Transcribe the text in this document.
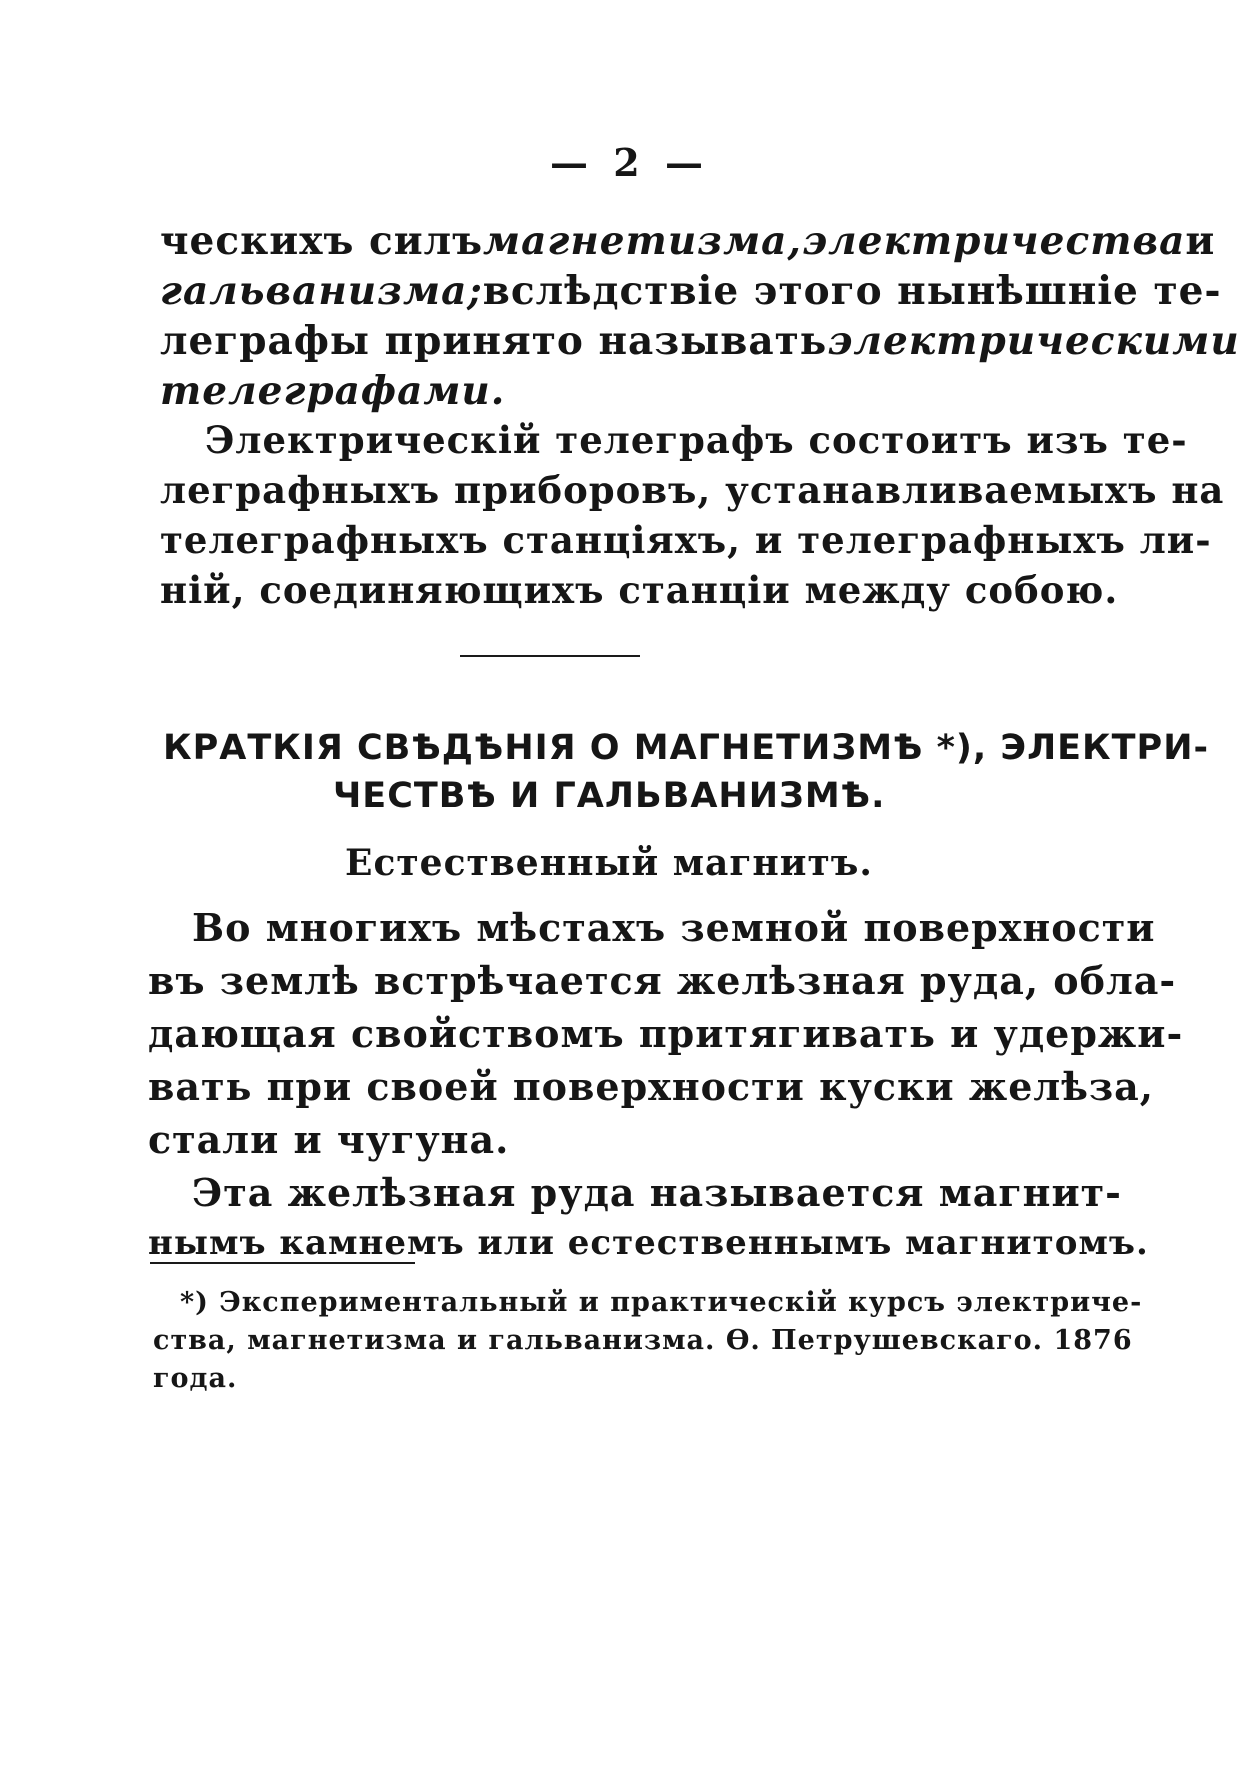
— 2 —
ческихъ силъ магнетизма, электричества и
гальванизма; вслѣдствіе этого нынѣшніе те-
леграфы принято называть электрическими
телеграфами.
Электрическій телеграфъ состоитъ изъ те-
леграфныхъ приборовъ, устанавливаемыхъ на
телеграфныхъ станціяхъ, и телеграфныхъ ли-
ній, соединяющихъ станціи между собою.
КРАТКІЯ СВѢДѢНІЯ О МАГНЕТИЗМѢ *), ЭЛЕКТРИ-
ЧЕСТВѢ И ГАЛЬВАНИЗМѢ.
Естественный магнитъ.
Во многихъ мѣстахъ земной поверхности
въ землѣ встрѣчается желѣзная руда, обла-
дающая свойствомъ притягивать и удержи-
вать при своей поверхности куски желѣза,
стали и чугуна.
Эта желѣзная руда называется магнит-
нымъ камнемъ или естественнымъ магнитомъ.
*) Экспериментальный и практическій курсъ электриче-
ства, магнетизма и гальванизма. Ѳ. Петрушевскаго. 1876
года.
